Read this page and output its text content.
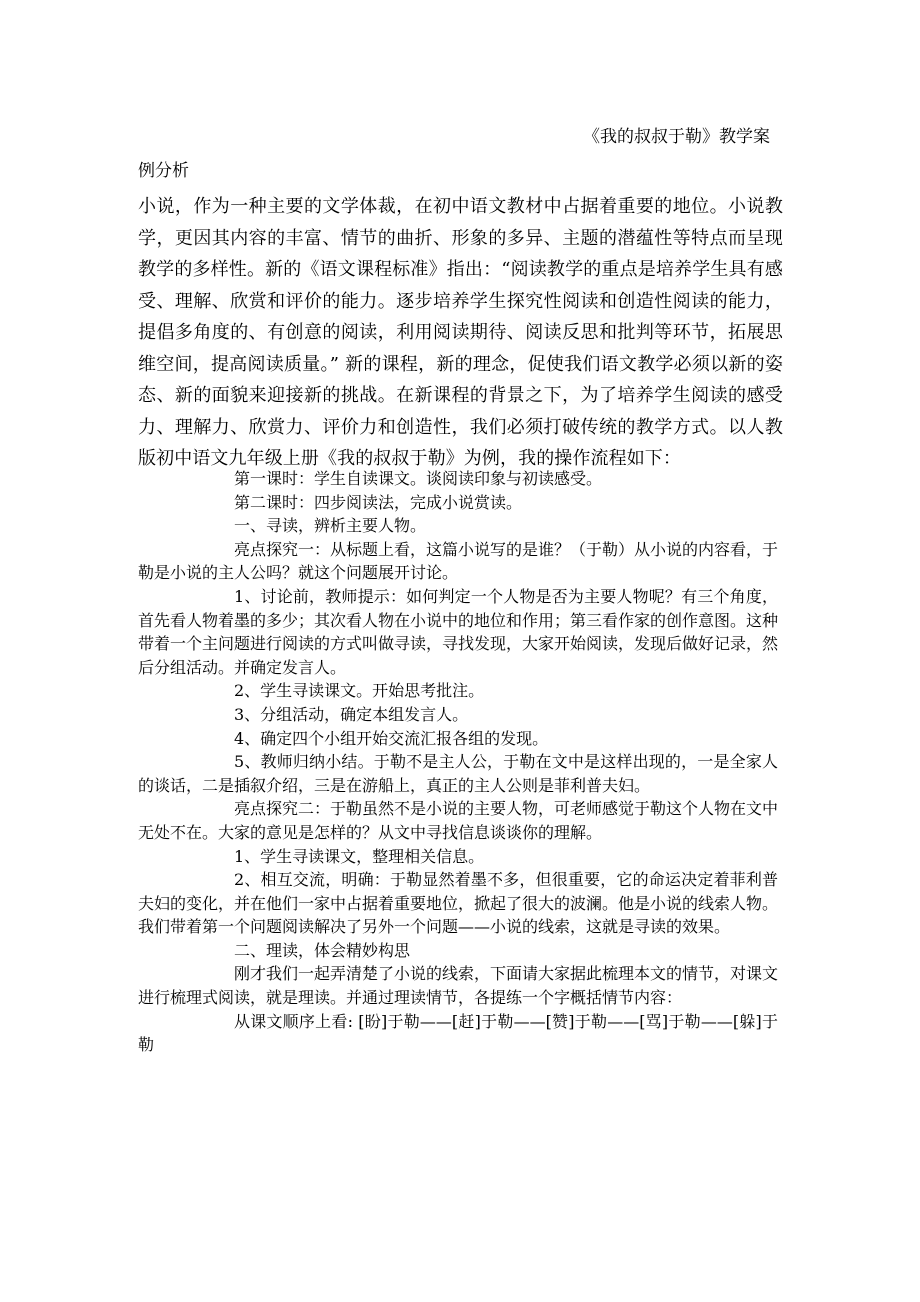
《我的叔叔于勒》教学案
例分析

小说，作为一种主要的文学体裁，在初中语文教材中占据着重要的地位。小说教学，更因其内容的丰富、情节的曲折、形象的多异、主题的潜蕴性等特点而呈现教学的多样性。新的《语文课程标准》指出：“阅读教学的重点是培养学生具有感受、理解、欣赏和评价的能力。逐步培养学生探究性阅读和创造性阅读的能力，提倡多角度的、有创意的阅读，利用阅读期待、阅读反思和批判等环节，拓展思维空间，提高阅读质量。” 新的课程，新的理念，促使我们语文教学必须以新的姿态、新的面貌来迎接新的挑战。在新课程的背景之下，为了培养学生阅读的感受力、理解力、欣赏力、评价力和创造性，我们必须打破传统的教学方式。以人教版初中语文九年级上册《我的叔叔于勒》为例，我的操作流程如下：

第一课时：学生自读课文。谈阅读印象与初读感受。

第二课时：四步阅读法，完成小说赏读。

一、寻读，辨析主要人物。

亮点探究一：从标题上看，这篇小说写的是谁？（于勒）从小说的内容看，于勒是小说的主人公吗？就这个问题展开讨论。

1、讨论前，教师提示：如何判定一个人物是否为主要人物呢？有三个角度，首先看人物着墨的多少；其次看人物在小说中的地位和作用；第三看作家的创作意图。这种带着一个主问题进行阅读的方式叫做寻读，寻找发现，大家开始阅读，发现后做好记录，然后分组活动。并确定发言人。

2、学生寻读课文。开始思考批注。

3、分组活动，确定本组发言人。

4、确定四个小组开始交流汇报各组的发现。

5、教师归纳小结。于勒不是主人公，于勒在文中是这样出现的，一是全家人的谈话，二是插叙介绍，三是在游船上，真正的主人公则是菲利普夫妇。

亮点探究二：于勒虽然不是小说的主要人物，可老师感觉于勒这个人物在文中无处不在。大家的意见是怎样的？从文中寻找信息谈谈你的理解。

1、学生寻读课文，整理相关信息。

2、相互交流，明确：于勒显然着墨不多，但很重要，它的命运决定着菲利普夫妇的变化，并在他们一家中占据着重要地位，掀起了很大的波澜。他是小说的线索人物。我们带着第一个问题阅读解决了另外一个问题——小说的线索，这就是寻读的效果。

二、理读，体会精妙构思

刚才我们一起弄清楚了小说的线索，下面请大家据此梳理本文的情节，对课文进行梳理式阅读，就是理读。并通过理读情节，各提练一个字概括情节内容：

从课文顺序上看: [盼]于勒——[赶]于勒——[赞]于勒——[骂]于勒——[躲]于勒
